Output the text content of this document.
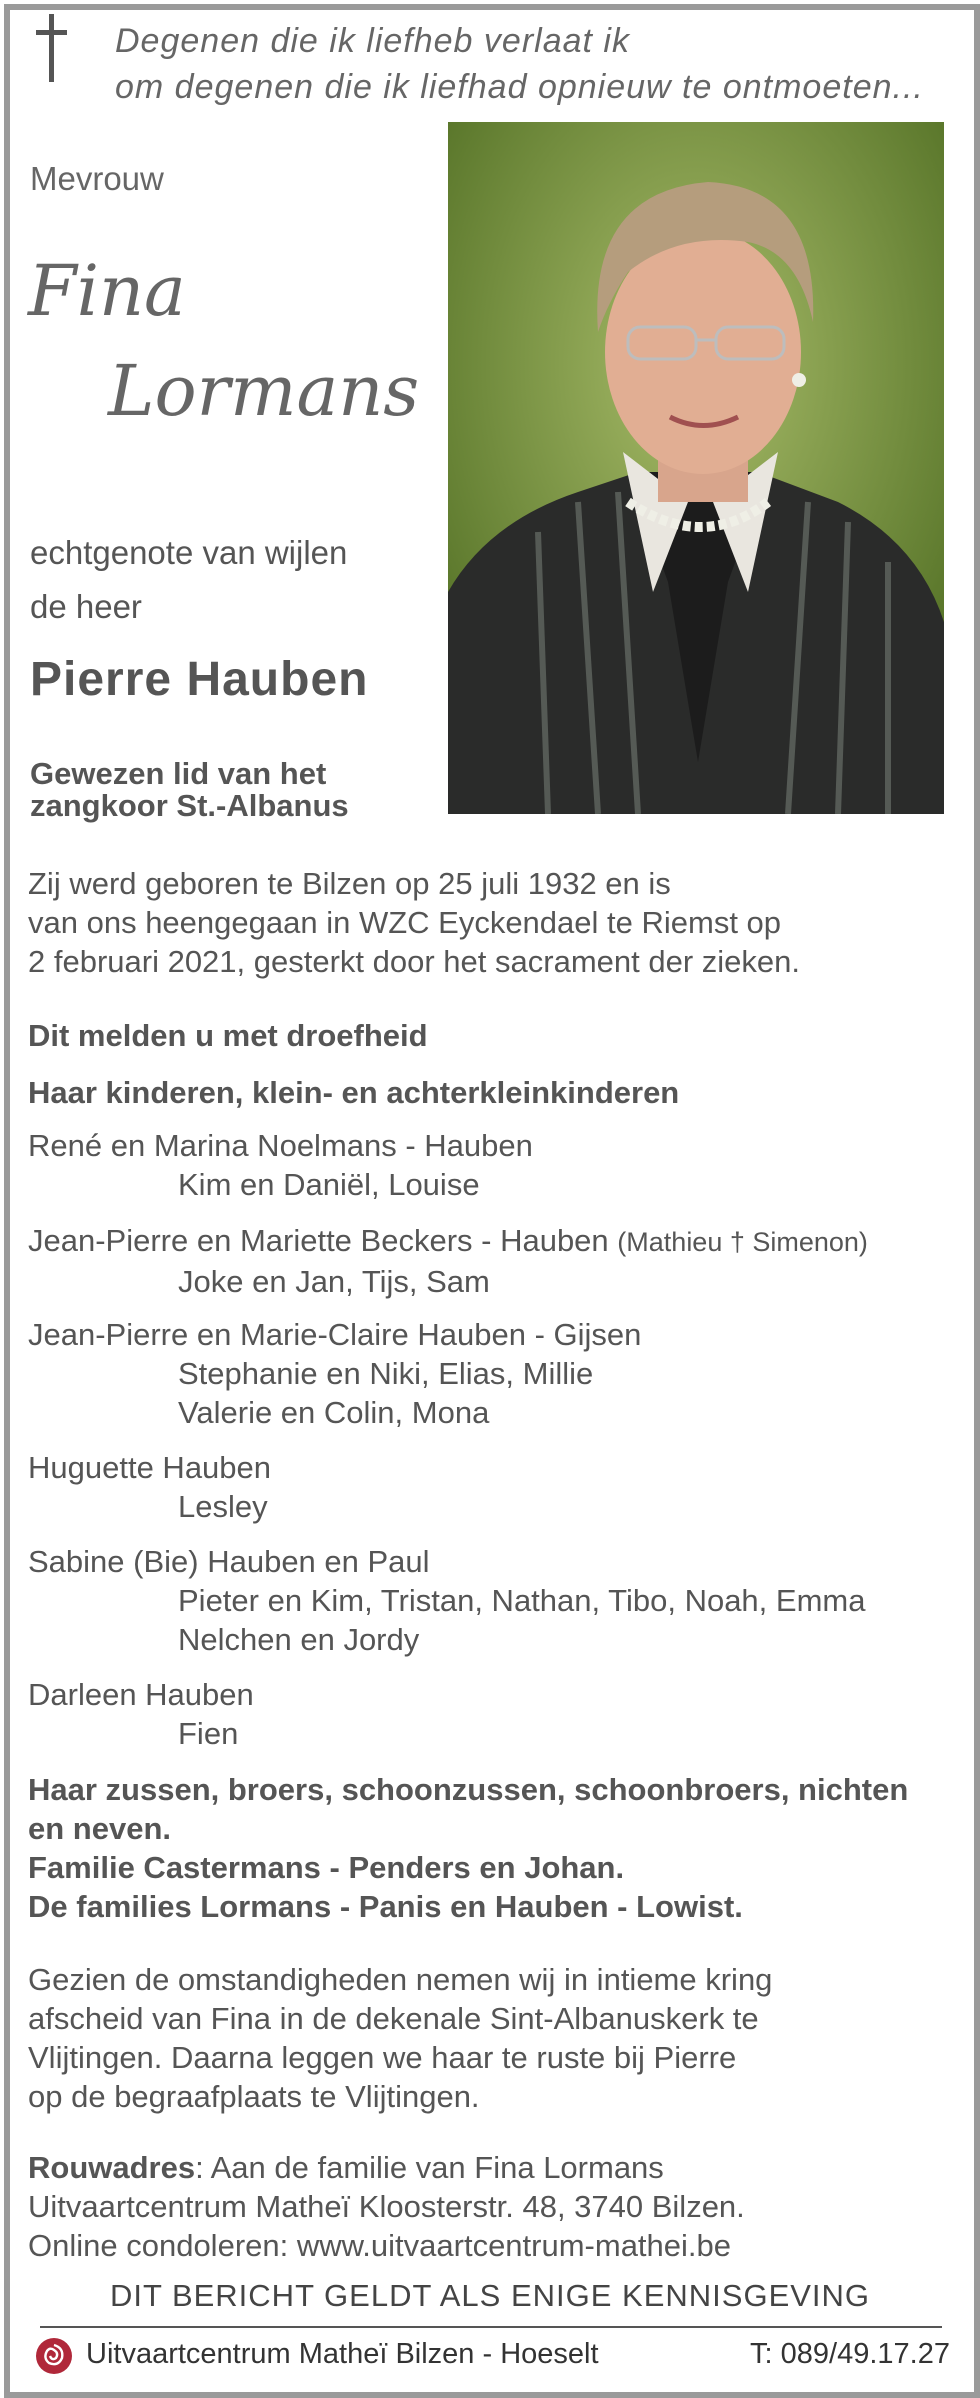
Degenen die ik liefheb verlaat ik
om degenen die ik liefhad opnieuw te ontmoeten...
Mevrouw
Fina
Lormans
echtgenote van wijlen
de heer
Pierre Hauben
Gewezen lid van het
zangkoor St.-Albanus
Zij werd geboren te Bilzen op 25 juli 1932 en is
van ons heengegaan in WZC Eyckendael te Riemst op
2 februari 2021, gesterkt door het sacrament der zieken.
Dit melden u met droefheid
Haar kinderen, klein- en achterkleinkinderen
René en Marina Noelmans - Hauben
Kim en Daniël, Louise
Jean-Pierre en Mariette Beckers - Hauben (Mathieu † Simenon)
Joke en Jan, Tijs, Sam
Jean-Pierre en Marie-Claire Hauben - Gijsen
Stephanie en Niki, Elias, Millie
Valerie en Colin, Mona
Huguette Hauben
Lesley
Sabine (Bie) Hauben en Paul
Pieter en Kim, Tristan, Nathan, Tibo, Noah, Emma
Nelchen en Jordy
Darleen Hauben
Fien
Haar zussen, broers, schoonzussen, schoonbroers, nichten
en neven.
Familie Castermans - Penders en Johan.
De families Lormans - Panis en Hauben - Lowist.
Gezien de omstandigheden nemen wij in intieme kring
afscheid van Fina in de dekenale Sint-Albanuskerk te
Vlijtingen. Daarna leggen we haar te ruste bij Pierre
op de begraafplaats te Vlijtingen.
Rouwadres: Aan de familie van Fina Lormans
Uitvaartcentrum Matheï Kloosterstr. 48, 3740 Bilzen.
Online condoleren: www.uitvaartcentrum-mathei.be
DIT BERICHT GELDT ALS ENIGE KENNISGEVING
Uitvaartcentrum Matheï Bilzen - Hoeselt	T: 089/49.17.27
